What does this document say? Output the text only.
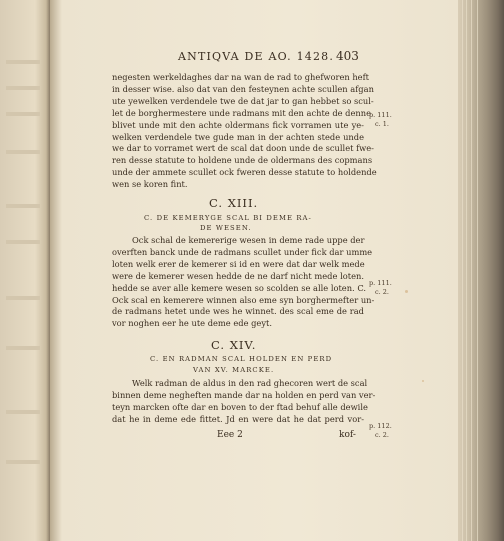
ANTIQVA DE AO. 1428. 403
negesten werkeldaghes dar na wan de rad to ghefworen heft
in desser wise. also dat van den festeynen achte scullen afgan
ute yewelken verdendele twe de dat jar to gan hebbet so scul-
let de borghermestere unde radmans mit den achte de denne
blivet unde mit den achte oldermans fick vorramen ute ye-
welken verdendele twe gude man in der achten stede unde
we dar to vorramet wert de scal dat doon unde de scullet fwe-
ren desse statute to holdene unde de oldermans des copmans
unde der ammete scullet ock fweren desse statute to holdende
wen se koren fint.
C. XIII.
C. DE KEMERYGE SCAL BI DEME RA-
DE WESEN.
Ock schal de kemererige wesen in deme rade uppe der
overften banck unde de radmans scullet under fick dar umme
loten welk erer de kemerer si id en were dat dar welk mede
were de kemerer wesen hedde de ne darf nicht mede loten.
hedde se aver alle kemere wesen so scolden se alle loten. C.
Ock scal en kemerere winnen also eme syn borghermefter un-
de radmans hetet unde wes he winnet. des scal eme de rad
vor noghen eer he ute deme ede geyt.
C. XIV.
C. EN RADMAN SCAL HOLDEN EN PERD
VAN XV. MARCKE.
Welk radman de aldus in den rad ghecoren wert de scal
binnen deme negheften mande dar na holden en perd van ver-
teyn marcken ofte dar en boven to der ftad behuf alle dewile
dat he in deme ede fittet. Jd en were dat he dat perd vor-
p. 111.
c. 1.
p. 111.
c. 2.
p. 112.
c. 2.
Eee 2	kof-
